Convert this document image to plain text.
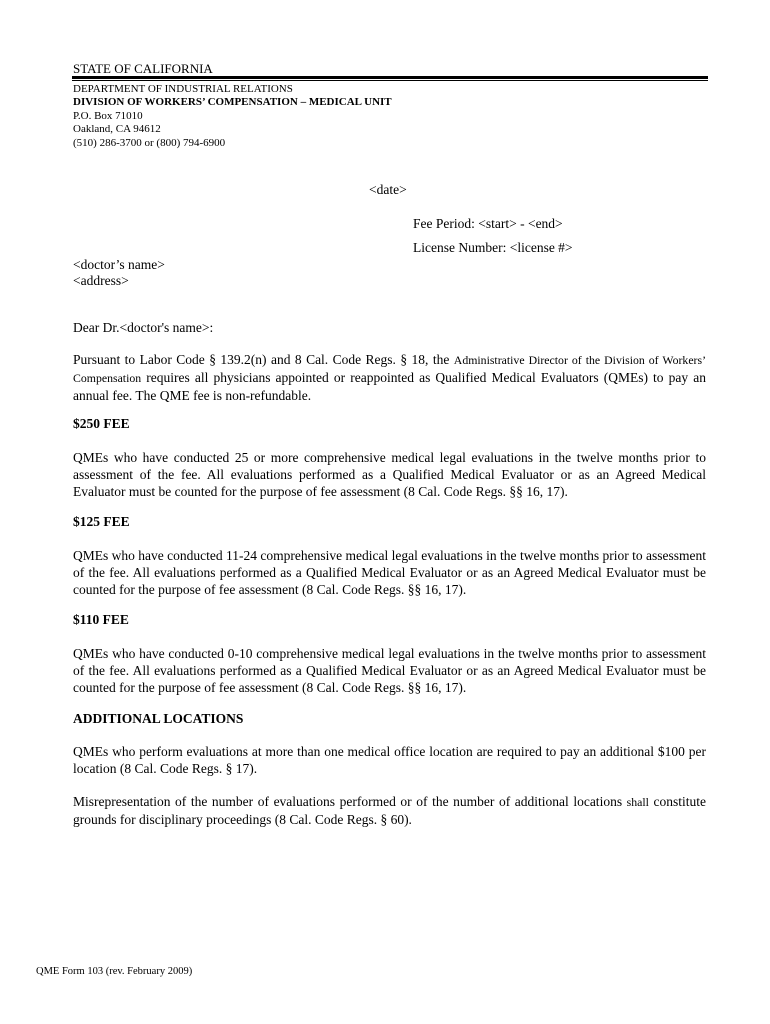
STATE OF CALIFORNIA
DEPARTMENT OF INDUSTRIAL RELATIONS
DIVISION OF WORKERS’ COMPENSATION – MEDICAL UNIT
P.O. Box 71010
Oakland, CA 94612
(510) 286-3700 or (800) 794-6900
<date>
Fee Period: <start> - <end>
License Number: <license #>
<doctor’s name>
<address>
Dear Dr.<doctor's name>:

Pursuant to Labor Code § 139.2(n) and 8 Cal. Code Regs. § 18, the Administrative Director of the Division of Workers’ Compensation requires all physicians appointed or reappointed as Qualified Medical Evaluators (QMEs) to pay an annual fee. The QME fee is non-refundable.

$250 FEE

QMEs who have conducted 25 or more comprehensive medical legal evaluations in the twelve months prior to assessment of the fee. All evaluations performed as a Qualified Medical Evaluator or as an Agreed Medical Evaluator must be counted for the purpose of fee assessment (8 Cal. Code Regs. §§ 16, 17).

$125 FEE

QMEs who have conducted 11-24 comprehensive medical legal evaluations in the twelve months prior to assessment of the fee. All evaluations performed as a Qualified Medical Evaluator or as an Agreed Medical Evaluator must be counted for the purpose of fee assessment (8 Cal. Code Regs. §§ 16, 17).

$110 FEE

QMEs who have conducted 0-10 comprehensive medical legal evaluations in the twelve months prior to assessment of the fee. All evaluations performed as a Qualified Medical Evaluator or as an Agreed Medical Evaluator must be counted for the purpose of fee assessment (8 Cal. Code Regs. §§ 16, 17).

ADDITIONAL LOCATIONS

QMEs who perform evaluations at more than one medical office location are required to pay an additional $100 per location (8 Cal. Code Regs. § 17).

Misrepresentation of the number of evaluations performed or of the number of additional locations shall constitute grounds for disciplinary proceedings (8 Cal. Code Regs. § 60).

QME Form 103 (rev. February 2009)
